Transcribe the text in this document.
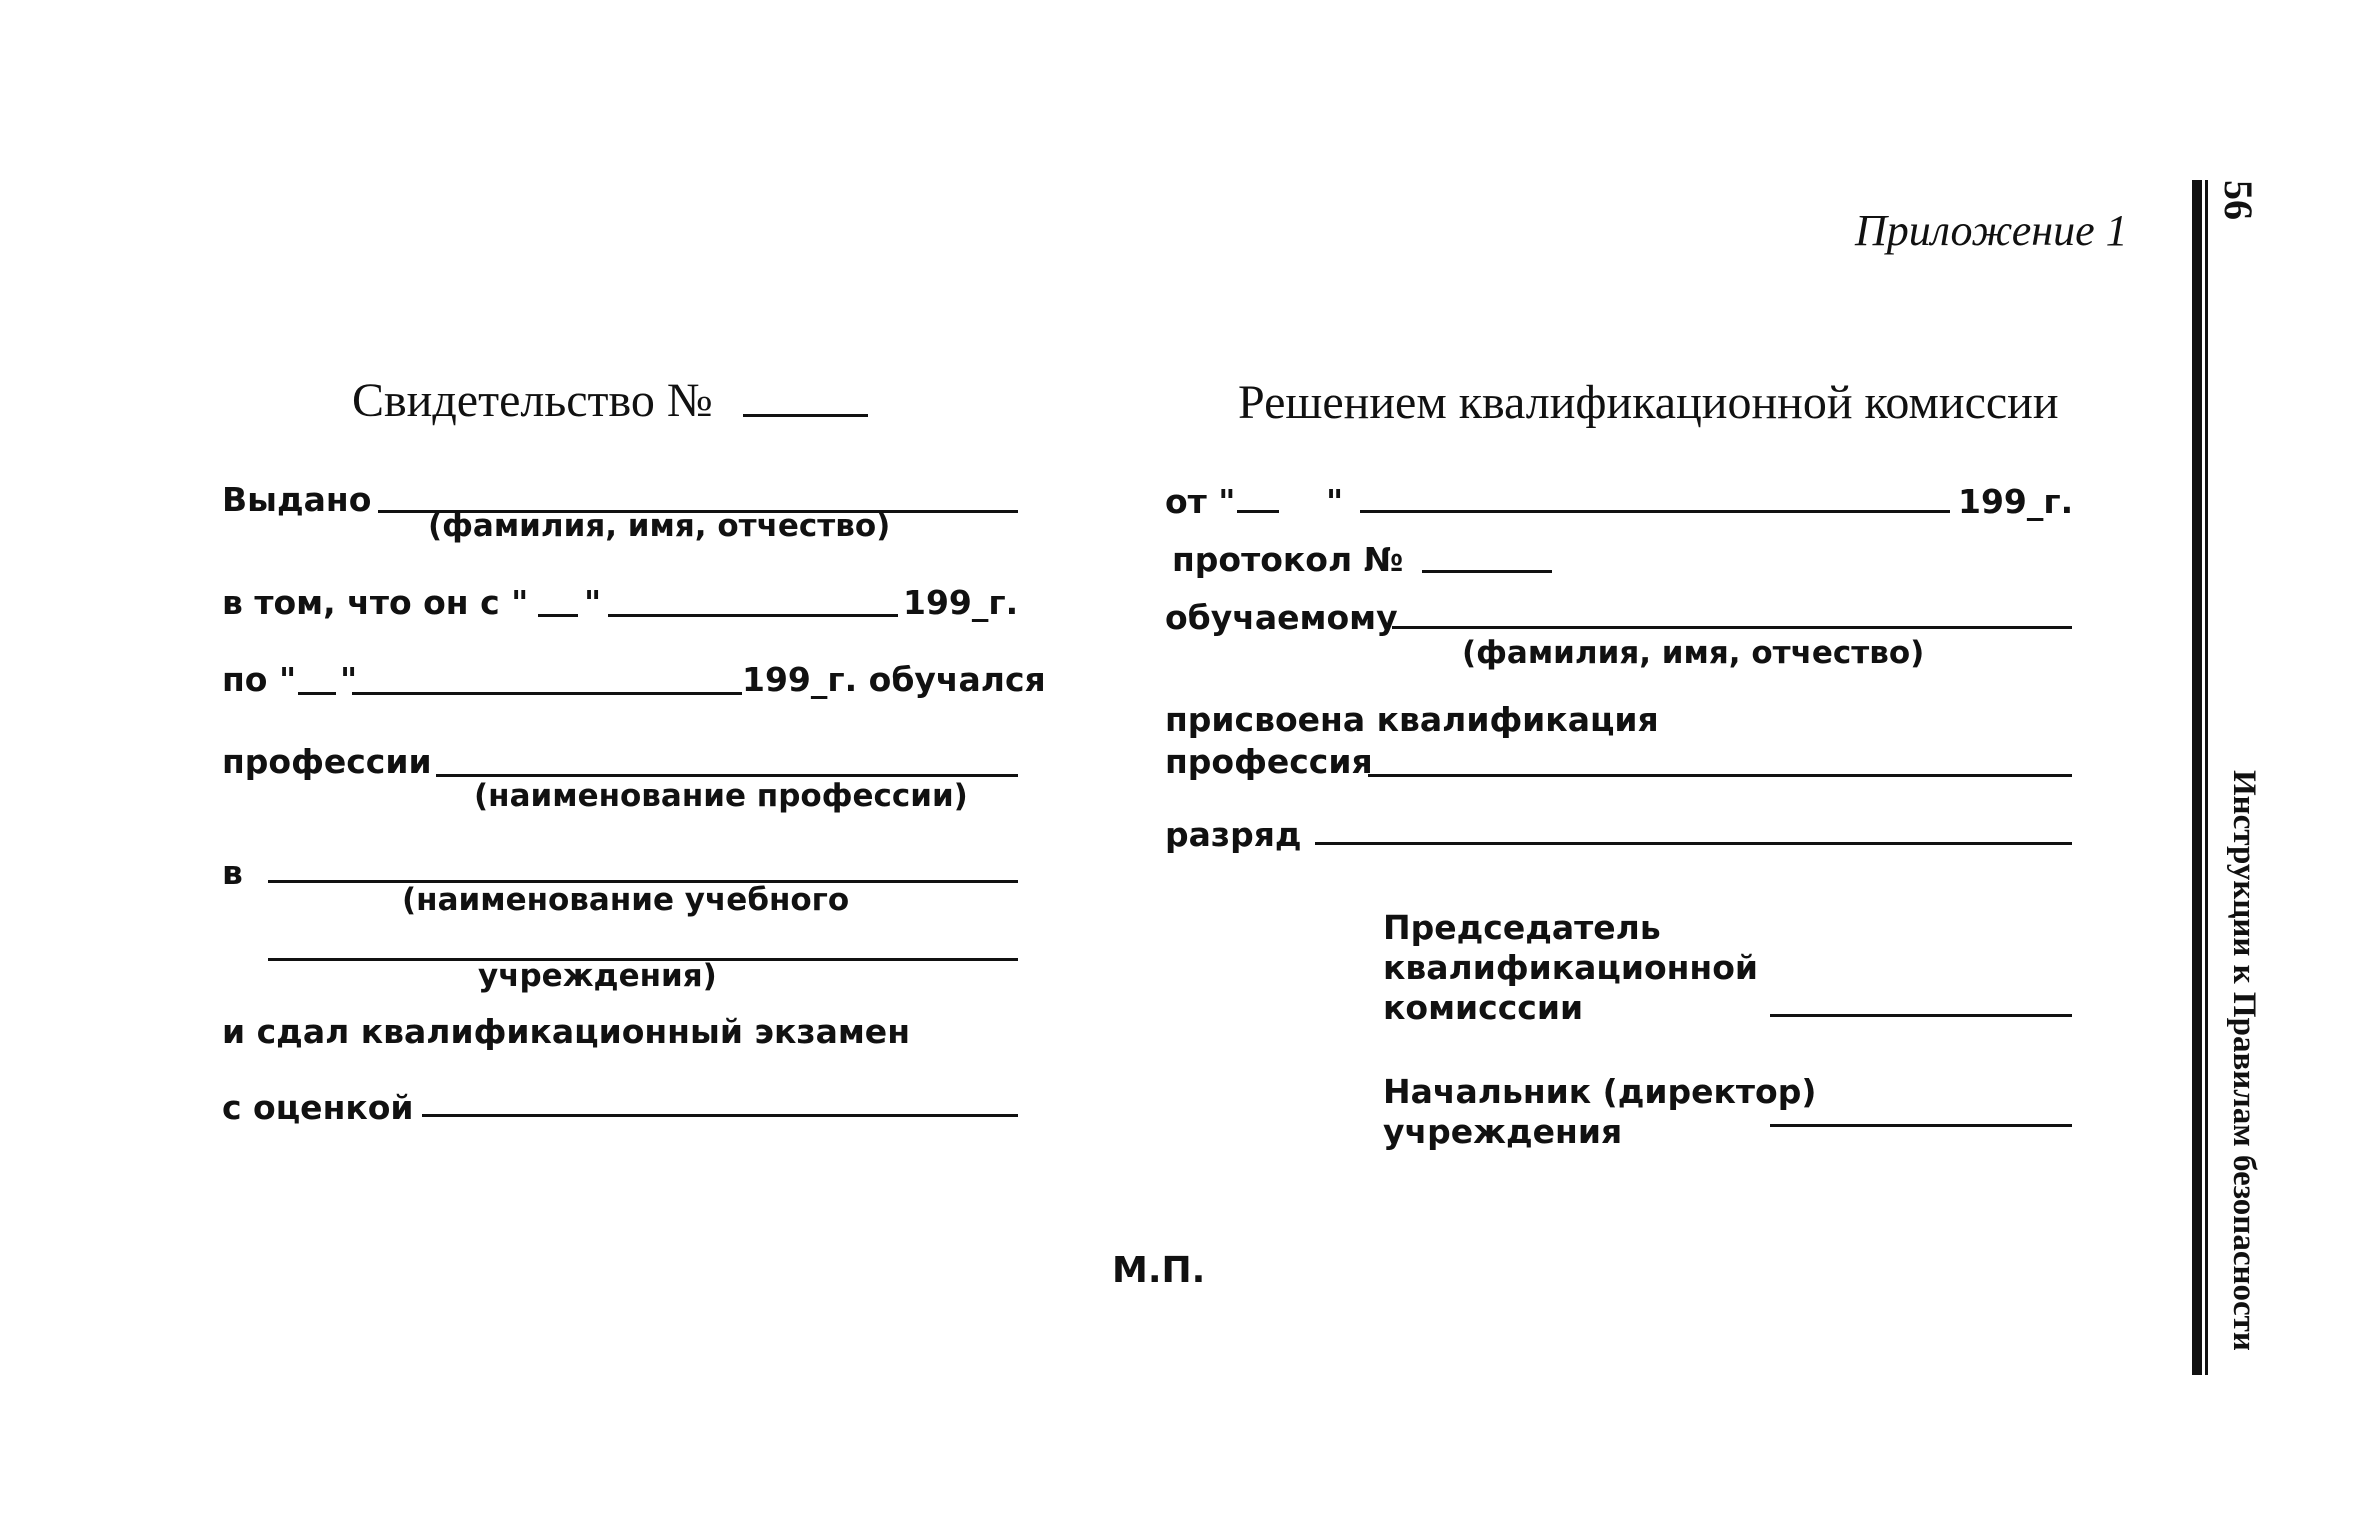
Приложение 1
56
Инструкции к Правилам безопасности
Свидетельство №
Выдано
(фамилия, имя, отчество)
в том, что он с " "	199_г.
по " "	199_г. обучался
профессии
(наименование профессии)
в
(наименование учебного
учреждения)
и сдал квалификационный экзамен
с оценкой
Решением квалификационной комиссии
от "	"	199_г.
протокол №
обучаемому
(фамилия, имя, отчество)
присвоена квалификация
профессия
разряд
Председатель
квалификационной
комисссии
Начальник (директор)
учреждения
М.П.
